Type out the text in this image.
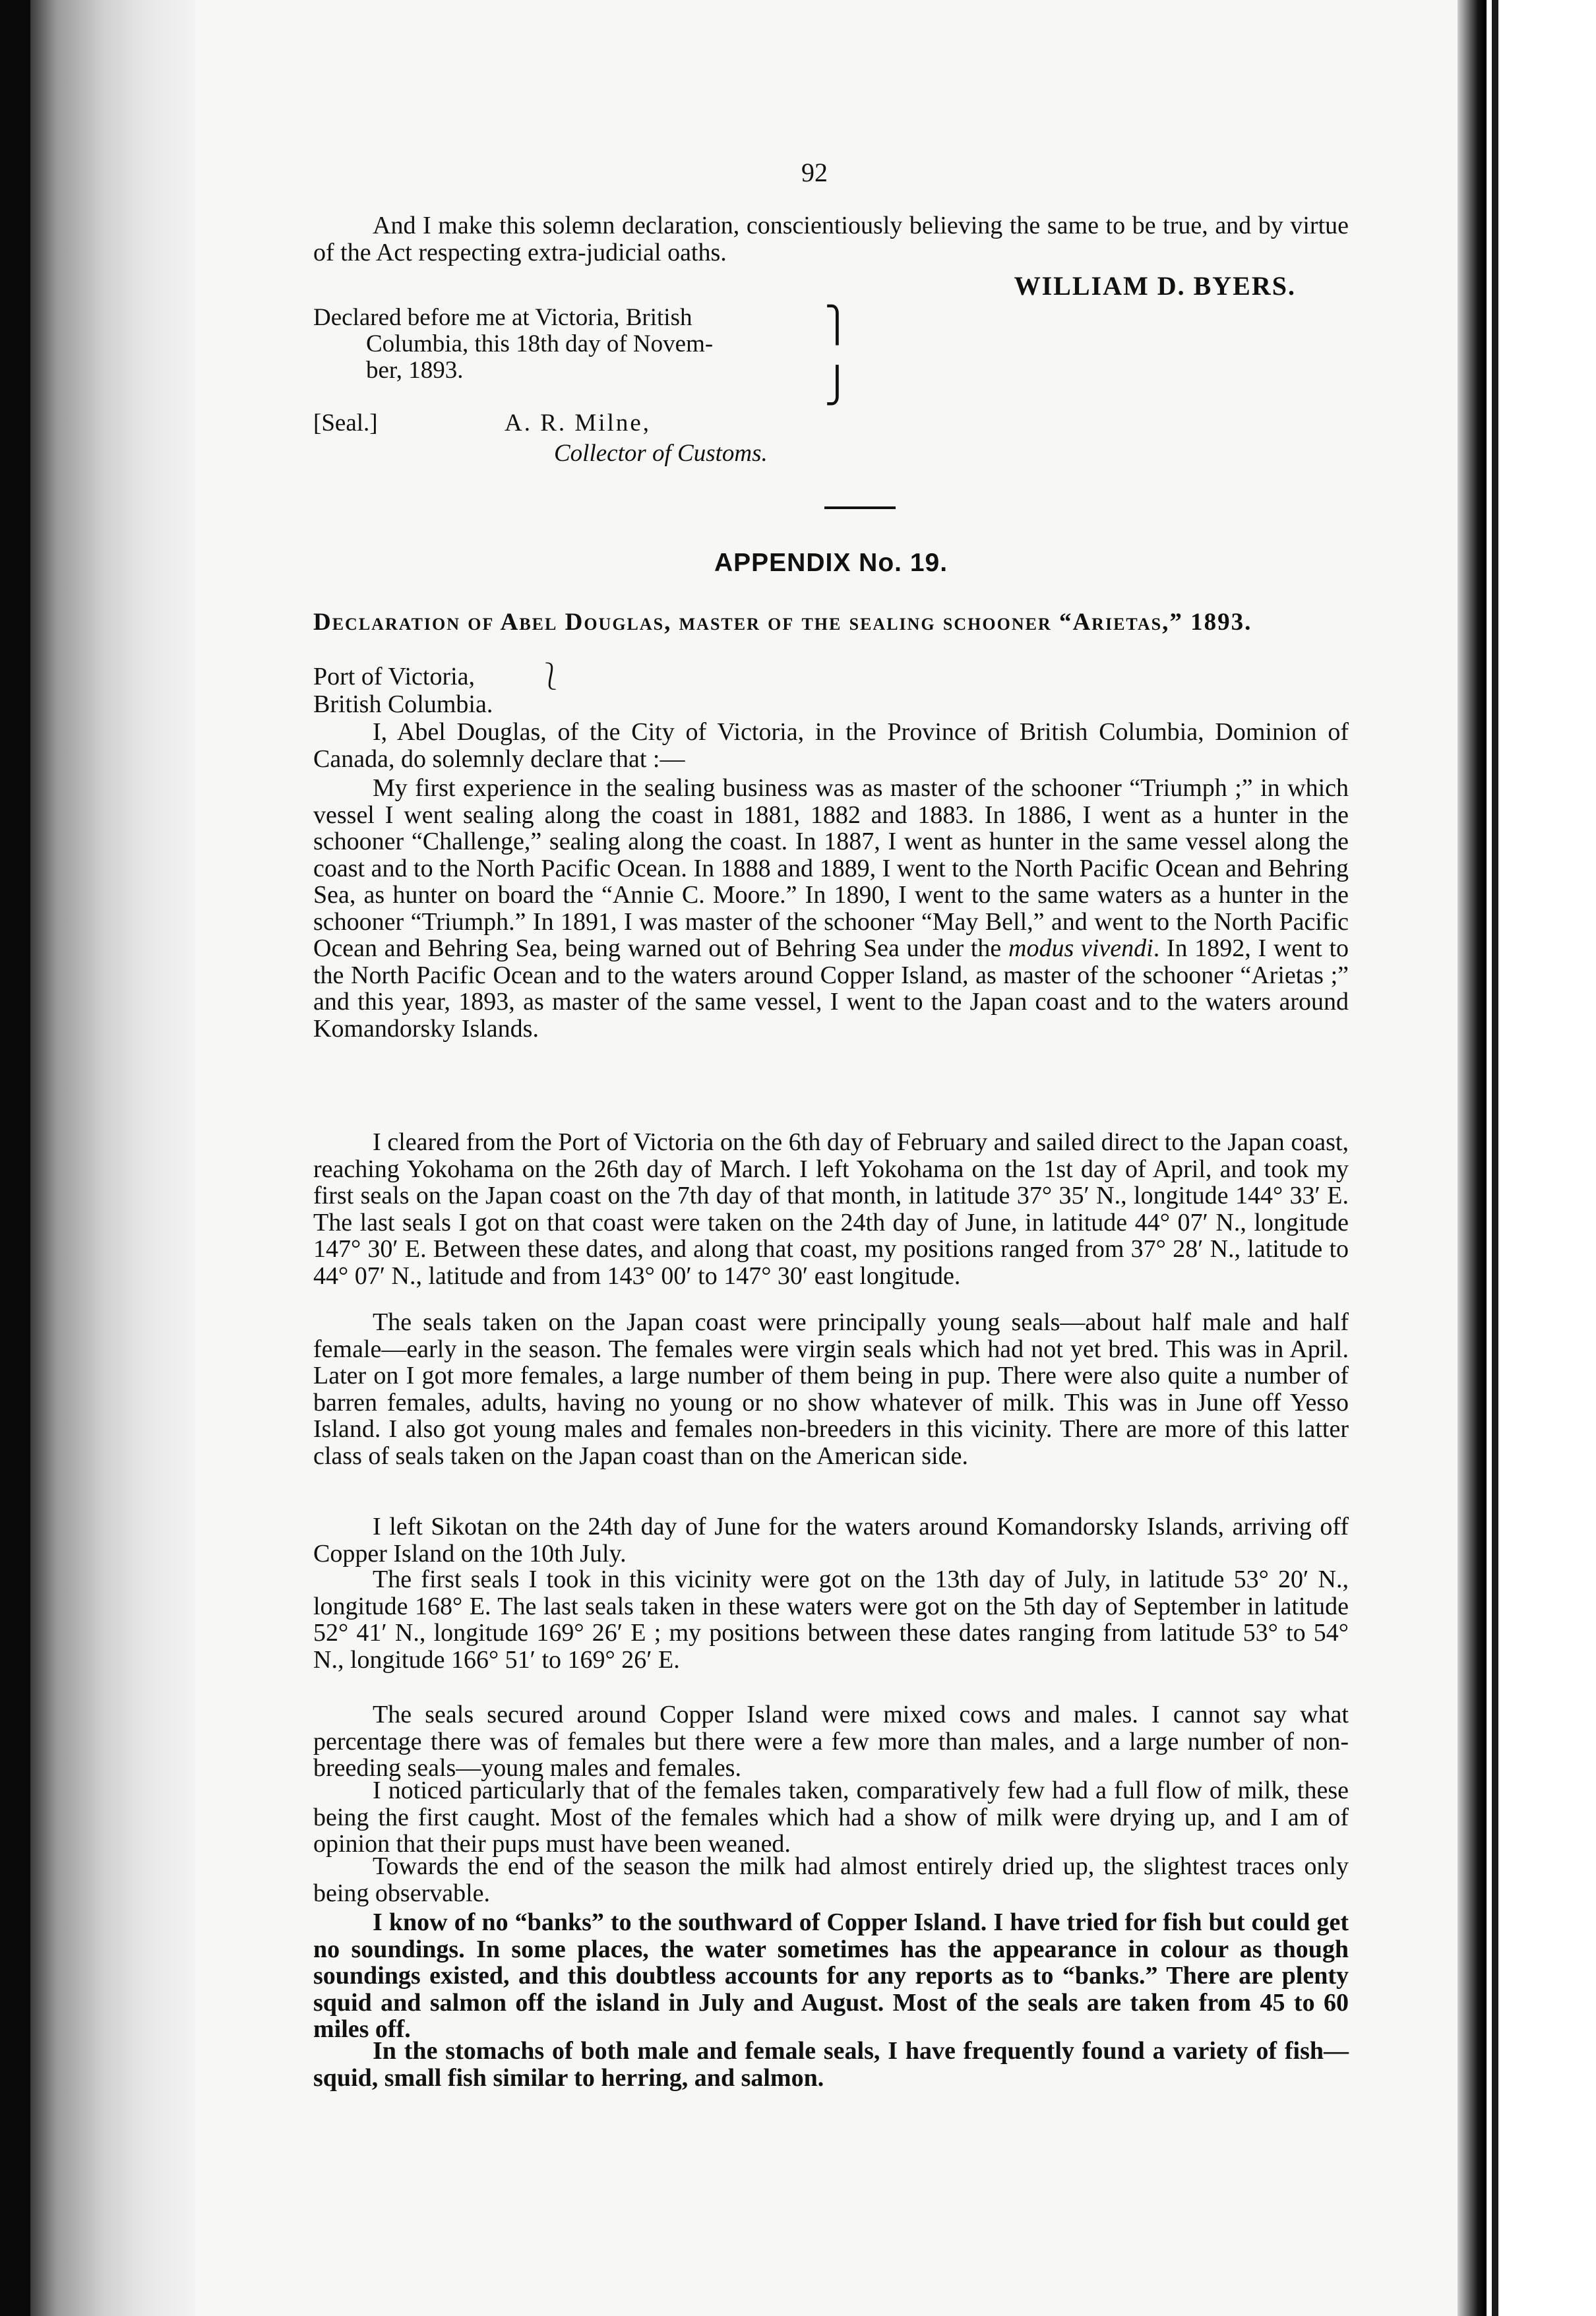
92

And I make this solemn declaration, conscientiously believing the same to be true, and by virtue of the Act respecting extra-judicial oaths.

WILLIAM D. BYERS.
Declared before me at Victoria, British
Columbia, this 18th day of Novem-
ber, 1893.
⎫
⎭
[Seal.]	A. R. Milne,
Collector of Customs.
APPENDIX No. 19.
Declaration of Abel Douglas, master of the sealing schooner “Arietas,” 1893.
Port of Victoria,
British Columbia.
⎱

I, Abel Douglas, of the City of Victoria, in the Province of British Columbia, Dominion of Canada, do solemnly declare that :—

My first experience in the sealing business was as master of the schooner “Triumph ;” in which vessel I went sealing along the coast in 1881, 1882 and 1883. In 1886, I went as a hunter in the schooner “Challenge,” sealing along the coast. In 1887, I went as hunter in the same vessel along the coast and to the North Pacific Ocean. In 1888 and 1889, I went to the North Pacific Ocean and Behring Sea, as hunter on board the “Annie C. Moore.” In 1890, I went to the same waters as a hunter in the schooner “Triumph.” In 1891, I was master of the schooner “May Bell,” and went to the North Pacific Ocean and Behring Sea, being warned out of Behring Sea under the modus vivendi. In 1892, I went to the North Pacific Ocean and to the waters around Copper Island, as master of the schooner “Arietas ;” and this year, 1893, as master of the same vessel, I went to the Japan coast and to the waters around Komandorsky Islands.

I cleared from the Port of Victoria on the 6th day of February and sailed direct to the Japan coast, reaching Yokohama on the 26th day of March. I left Yokohama on the 1st day of April, and took my first seals on the Japan coast on the 7th day of that month, in latitude 37° 35′ N., longitude 144° 33′ E. The last seals I got on that coast were taken on the 24th day of June, in latitude 44° 07′ N., longitude 147° 30′ E. Between these dates, and along that coast, my positions ranged from 37° 28′ N., latitude to 44° 07′ N., latitude and from 143° 00′ to 147° 30′ east longitude.

The seals taken on the Japan coast were principally young seals—about half male and half female—early in the season. The females were virgin seals which had not yet bred. This was in April. Later on I got more females, a large number of them being in pup. There were also quite a number of barren females, adults, having no young or no show whatever of milk. This was in June off Yesso Island. I also got young males and females non-breeders in this vicinity. There are more of this latter class of seals taken on the Japan coast than on the American side.

I left Sikotan on the 24th day of June for the waters around Komandorsky Islands, arriving off Copper Island on the 10th July.

The first seals I took in this vicinity were got on the 13th day of July, in latitude 53° 20′ N., longitude 168° E. The last seals taken in these waters were got on the 5th day of September in latitude 52° 41′ N., longitude 169° 26′ E ; my positions between these dates ranging from latitude 53° to 54° N., longitude 166° 51′ to 169° 26′ E.

The seals secured around Copper Island were mixed cows and males. I cannot say what percentage there was of females but there were a few more than males, and a large number of non-breeding seals—young males and females.

I noticed particularly that of the females taken, comparatively few had a full flow of milk, these being the first caught. Most of the females which had a show of milk were drying up, and I am of opinion that their pups must have been weaned.

Towards the end of the season the milk had almost entirely dried up, the slightest traces only being observable.

I know of no “banks” to the southward of Copper Island. I have tried for fish but could get no soundings. In some places, the water sometimes has the appearance in colour as though soundings existed, and this doubtless accounts for any reports as to “banks.” There are plenty squid and salmon off the island in July and August. Most of the seals are taken from 45 to 60 miles off.

In the stomachs of both male and female seals, I have frequently found a variety of fish—squid, small fish similar to herring, and salmon.
